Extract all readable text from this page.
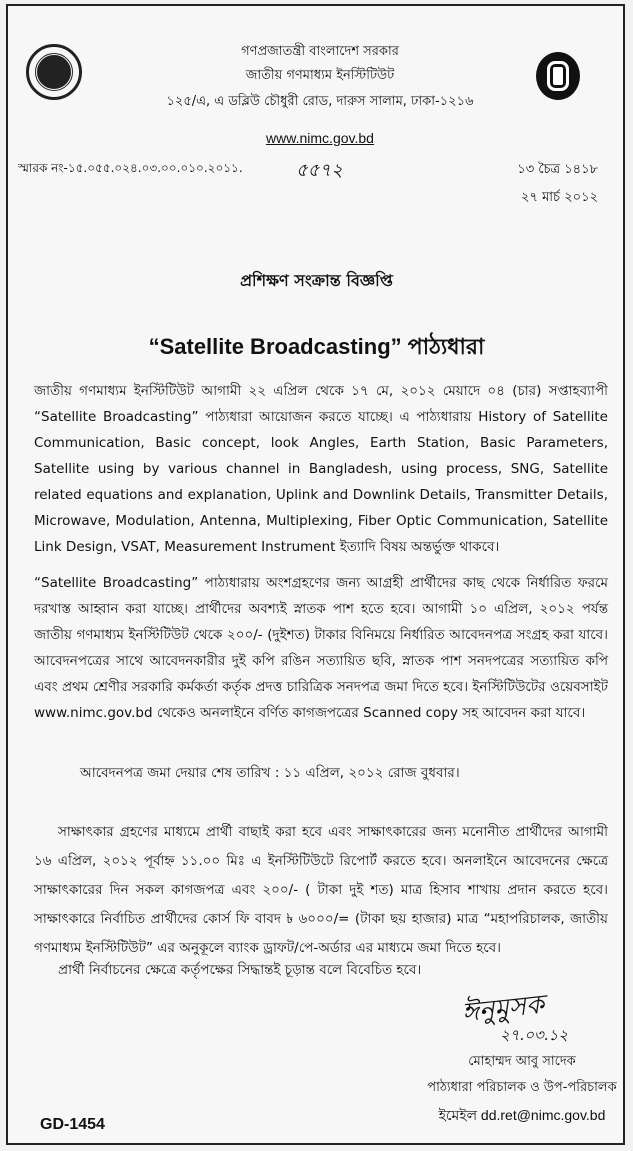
গণপ্রজাতন্ত্রী বাংলাদেশ সরকার
জাতীয় গণমাধ্যম ইনস্টিটিউট
১২৫/এ, এ ডব্লিউ চৌধুরী রোড, দারুস সালাম, ঢাকা-১২১৬
www.nimc.gov.bd
স্মারক নং-১৫.০৫৫.০২৪.০৩.০০.০১০.২০১১.	৫৫৭২	১৩ চৈত্র ১৪১৮
২৭ মার্চ ২০১২
প্রশিক্ষণ সংক্রান্ত বিজ্ঞপ্তি
“Satellite Broadcasting” পাঠ্যধারা
জাতীয় গণমাধ্যম ইনস্টিটিউট আগামী ২২ এপ্রিল থেকে ১৭ মে, ২০১২ মেয়াদে ০৪ (চার) সপ্তাহব্যাপী “Satellite Broadcasting” পাঠ্যধারা আয়োজন করতে যাচ্ছে। এ পাঠ্যধারায় History of Satellite Communication, Basic concept, look Angles, Earth Station, Basic Parameters, Satellite using by various channel in Bangladesh, using process, SNG, Satellite related equations and explanation, Uplink and Downlink Details, Transmitter Details, Microwave, Modulation, Antenna, Multiplexing, Fiber Optic Communication, Satellite Link Design, VSAT, Measurement Instrument ইত্যাদি বিষয় অন্তর্ভুক্ত থাকবে।
“Satellite Broadcasting” পাঠ্যধারায় অংশগ্রহণের জন্য আগ্রহী প্রার্থীদের কাছ থেকে নির্ধারিত ফরমে দরখাস্ত আহ্বান করা যাচ্ছে। প্রার্থীদের অবশ্যই স্নাতক পাশ হতে হবে। আগামী ১০ এপ্রিল, ২০১২ পর্যন্ত জাতীয় গণমাধ্যম ইনস্টিটিউট থেকে ২০০/- (দুইশত) টাকার বিনিময়ে নির্ধারিত আবেদনপত্র সংগ্রহ করা যাবে। আবেদনপত্রের সাথে আবেদনকারীর দুই কপি রঙিন সত্যায়িত ছবি, স্নাতক পাশ সনদপত্রের সত্যায়িত কপি এবং প্রথম শ্রেণীর সরকারি কর্মকর্তা কর্তৃক প্রদত্ত চারিত্রিক সনদপত্র জমা দিতে হবে। ইনস্টিটিউটের ওয়েবসাইট www.nimc.gov.bd থেকেও অনলাইনে বর্ণিত কাগজপত্রের Scanned copy সহ আবেদন করা যাবে।
আবেদনপত্র জমা দেয়ার শেষ তারিখ : ১১ এপ্রিল, ২০১২ রোজ বুধবার।
সাক্ষাৎকার গ্রহণের মাধ্যমে প্রার্থী বাছাই করা হবে এবং সাক্ষাৎকারের জন্য মনোনীত প্রার্থীদের আগামী ১৬ এপ্রিল, ২০১২ পূর্বাহ্ন ১১.০০ মিঃ এ ইনস্টিটিউটে রিপোর্ট করতে হবে। অনলাইনে আবেদনের ক্ষেত্রে সাক্ষাৎকারের দিন সকল কাগজপত্র এবং ২০০/- ( টাকা দুই শত) মাত্র হিসাব শাখায় প্রদান করতে হবে। সাক্ষাৎকারে নির্বাচিত প্রার্থীদের কোর্স ফি বাবদ ৳ ৬০০০/= (টাকা ছয় হাজার) মাত্র “মহাপরিচালক, জাতীয় গণমাধ্যম ইনস্টিটিউট” এর অনুকূলে ব্যাংক ড্রাফট/পে-অর্ডার এর মাধ্যমে জমা দিতে হবে।
প্রার্থী নির্বাচনের ক্ষেত্রে কর্তৃপক্ষের সিদ্ধান্তই চূড়ান্ত বলে বিবেচিত হবে।
ঈনুমুসক
২৭.০৩.১২
মোহাম্মদ আবু সাদেক
পাঠ্যধারা পরিচালক ও উপ-পরিচালক
ইমেইল dd.ret@nimc.gov.bd
GD-1454
